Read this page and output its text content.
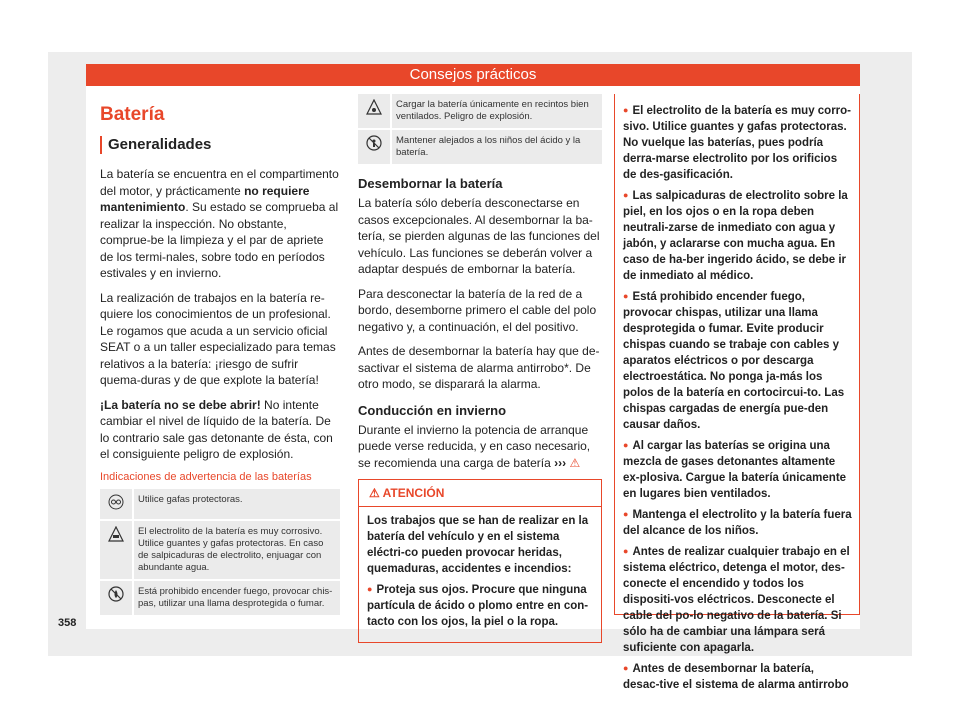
Consejos prácticos
Batería
Generalidades

La batería se encuentra en el compartimento del motor, y prácticamente no requiere mantenimiento. Su estado se comprueba al realizar la inspección. No obstante, comprue-be la limpieza y el par de apriete de los termi-nales, sobre todo en períodos estivales y en invierno.

La realización de trabajos en la batería re-quiere los conocimientos de un profesional. Le rogamos que acuda a un servicio oficial SEAT o a un taller especializado para temas relativos a la batería: ¡riesgo de sufrir quema-duras y de que explote la batería!

¡La batería no se debe abrir! No intente cambiar el nivel de líquido de la batería. De lo contrario sale gas detonante de ésta, con el consiguiente peligro de explosión.

Indicaciones de advertencia de las baterías
	Utilice gafas protectoras.
	El electrolito de la batería es muy corrosivo. Utilice guantes y gafas protectoras. En caso de salpicaduras de electrolito, enjuagar con abundante agua.
	Está prohibido encender fuego, provocar chis-pas, utilizar una llama desprotegida o fumar.
	Cargar la batería únicamente en recintos bien ventilados. Peligro de explosión.
	Mantener alejados a los niños del ácido y la batería.
Desembornar la batería

La batería sólo debería desconectarse en casos excepcionales. Al desembornar la ba-tería, se pierden algunas de las funciones del vehículo. Las funciones se deberán volver a adaptar después de embornar la batería.

Para desconectar la batería de la red de a bordo, desemborne primero el cable del polo negativo y, a continuación, el del positivo.

Antes de desembornar la batería hay que de-sactivar el sistema de alarma antirrobo*. De otro modo, se disparará la alarma.

Conducción en invierno

Durante el invierno la potencia de arranque puede verse reducida, y en caso necesario, se recomienda una carga de batería ››› ⚠

⚠ ATENCIÓN

Los trabajos que se han de realizar en la batería del vehículo y en el sistema eléctri-co pueden provocar heridas, quemaduras, accidentes e incendios:

● Proteja sus ojos. Procure que ninguna partícula de ácido o plomo entre en con-tacto con los ojos, la piel o la ropa.

● El electrolito de la batería es muy corro-sivo. Utilice guantes y gafas protectoras. No vuelque las baterías, pues podría derra-marse electrolito por los orificios de des-gasificación.

● Las salpicaduras de electrolito sobre la piel, en los ojos o en la ropa deben neutrali-zarse de inmediato con agua y jabón, y aclararse con mucha agua. En caso de ha-ber ingerido ácido, se debe ir de inmediato al médico.

● Está prohibido encender fuego, provocar chispas, utilizar una llama desprotegida o fumar. Evite producir chispas cuando se trabaje con cables y aparatos eléctricos o por descarga electroestática. No ponga ja-más los polos de la batería en cortocircui-to. Las chispas cargadas de energía pue-den causar daños.

● Al cargar las baterías se origina una mezcla de gases detonantes altamente ex-plosiva. Cargue la batería únicamente en lugares bien ventilados.

● Mantenga el electrolito y la batería fuera del alcance de los niños.

● Antes de realizar cualquier trabajo en el sistema eléctrico, detenga el motor, des-conecte el encendido y todos los dispositi-vos eléctricos. Desconecte el cable del po-lo negativo de la batería. Si sólo ha de cambiar una lámpara será suficiente con apagarla.

● Antes de desembornar la batería, desac-tive el sistema de alarma antirrobo

358
